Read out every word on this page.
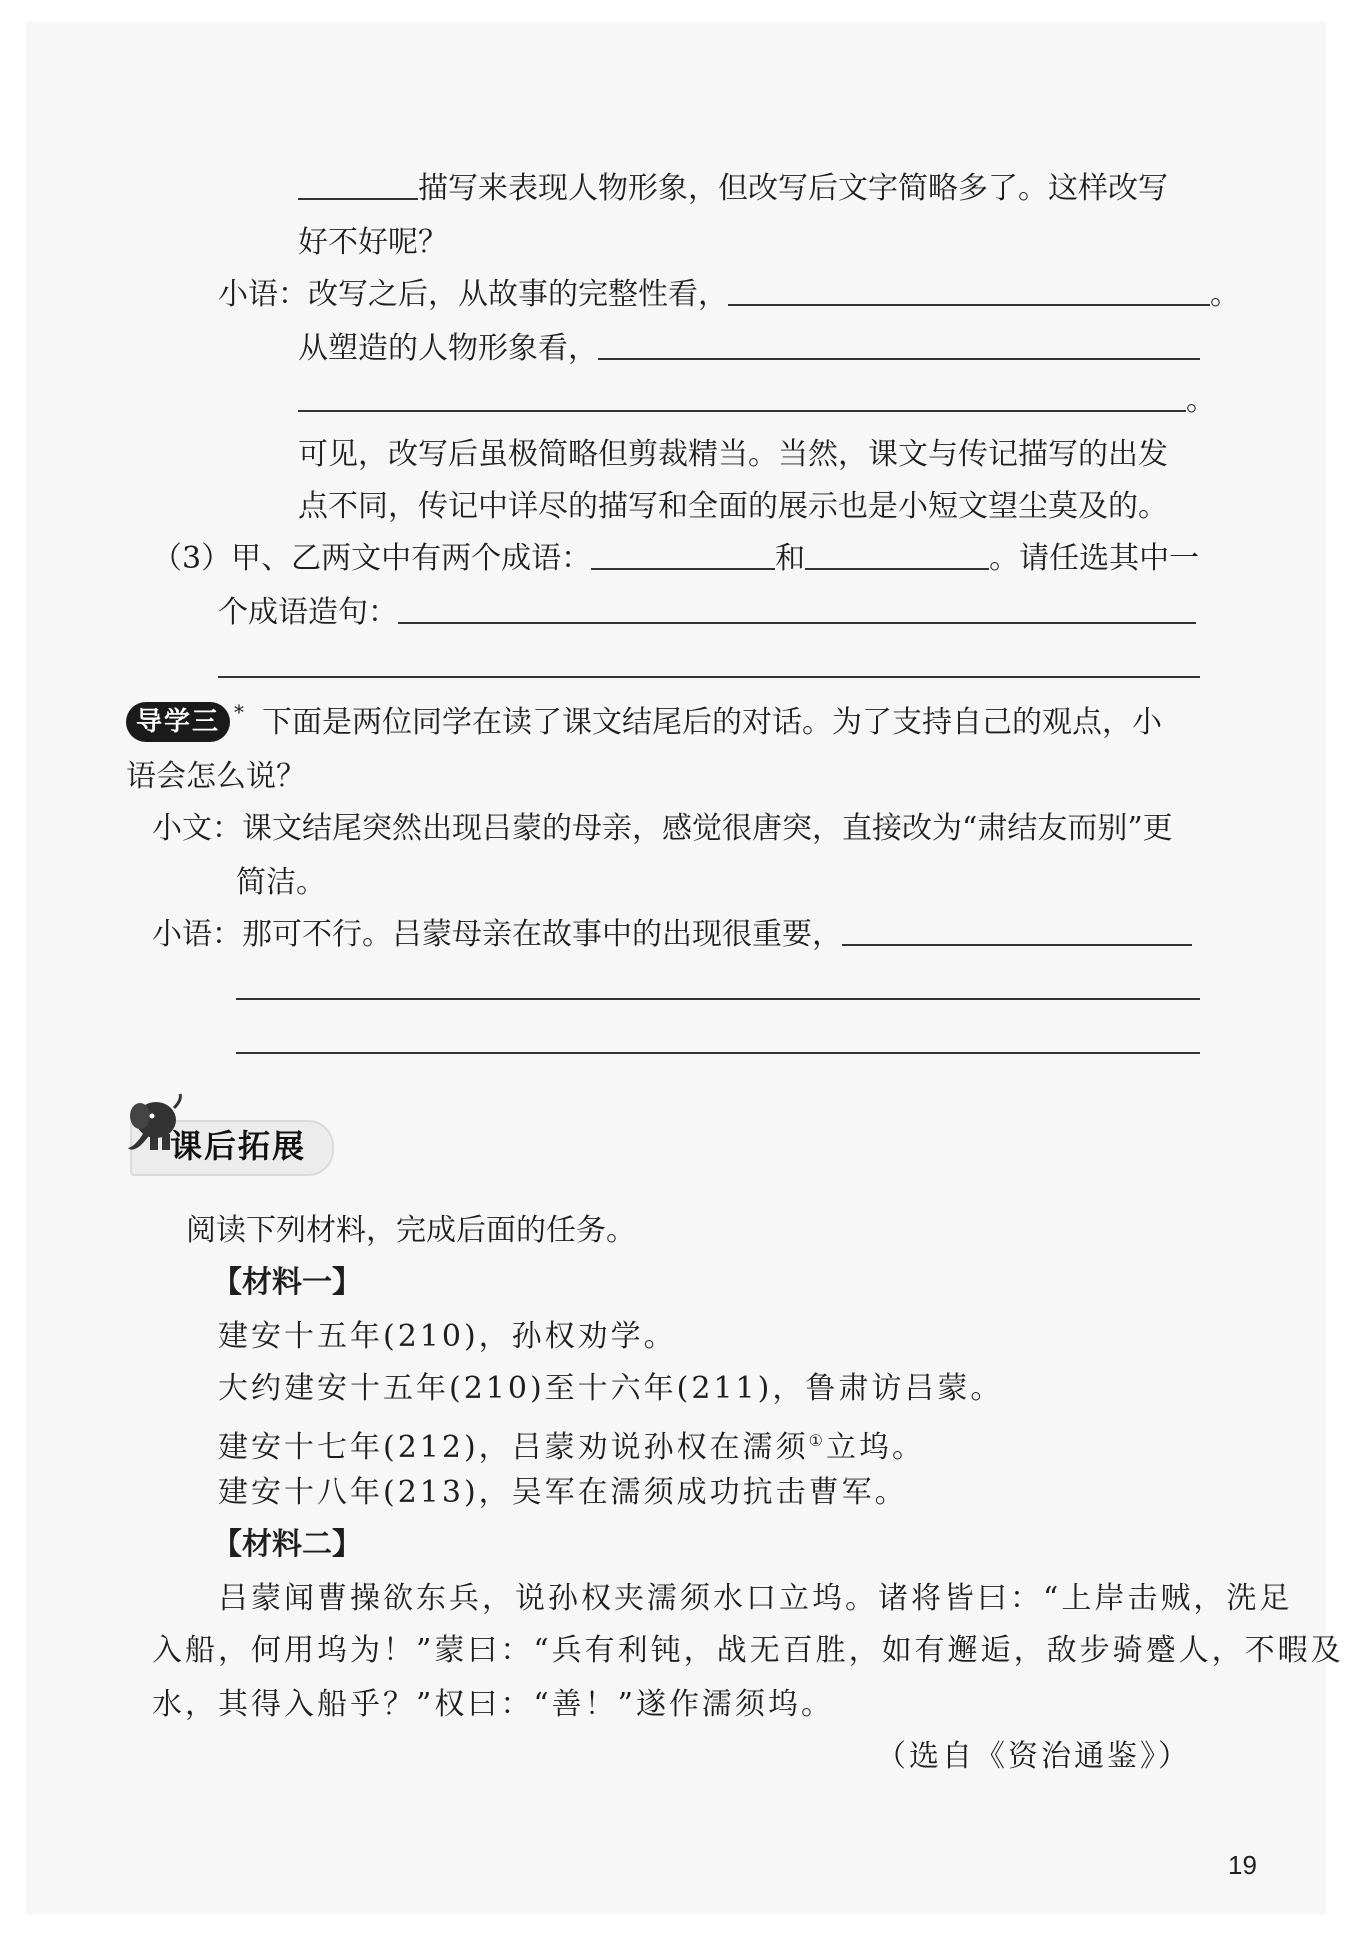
描写来表现人物形象，但改写后文字简略多了。这样改写
好不好呢？
小语：改写之后，从故事的完整性看，	。
从塑造的人物形象看，
。
可见，改写后虽极简略但剪裁精当。当然，课文与传记描写的出发
点不同，传记中详尽的描写和全面的展示也是小短文望尘莫及的。
（3）甲、乙两文中有两个成语：	和	。请任选其中一
个成语造句：
导学三 * 下面是两位同学在读了课文结尾后的对话。为了支持自己的观点，小
语会怎么说？
小文：课文结尾突然出现吕蒙的母亲，感觉很唐突，直接改为“肃结友而别”更
简洁。
小语：那可不行。吕蒙母亲在故事中的出现很重要，
课后拓展
阅读下列材料，完成后面的任务。
【材料一】
建安十五年(210)，孙权劝学。
大约建安十五年(210)至十六年(211)，鲁肃访吕蒙。
建安十七年(212)，吕蒙劝说孙权在濡须①立坞。
建安十八年(213)，吴军在濡须成功抗击曹军。
【材料二】
吕蒙闻曹操欲东兵，说孙权夹濡须水口立坞。诸将皆曰：“上岸击贼，洗足
入船，何用坞为！”蒙曰：“兵有利钝，战无百胜，如有邂逅，敌步骑蹙人，不暇及
水，其得入船乎？”权曰：“善！”遂作濡须坞。
（选自《资治通鉴》）
19
